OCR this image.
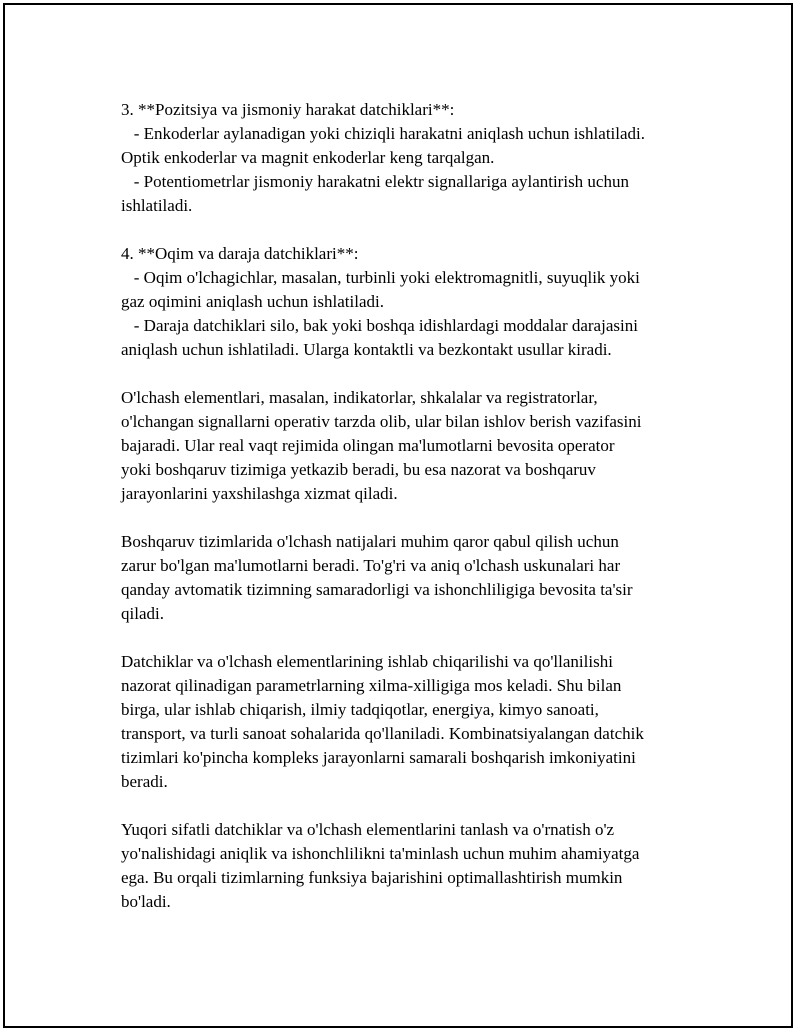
3. **Pozitsiya va jismoniy harakat datchiklari**:
- Enkoderlar aylanadigan yoki chiziqli harakatni aniqlash uchun ishlatiladi.
Optik enkoderlar va magnit enkoderlar keng tarqalgan.
- Potentiometrlar jismoniy harakatni elektr signallariga aylantirish uchun
ishlatiladi.
4. **Oqim va daraja datchiklari**:
- Oqim o'lchagichlar, masalan, turbinli yoki elektromagnitli, suyuqlik yoki
gaz oqimini aniqlash uchun ishlatiladi.
- Daraja datchiklari silo, bak yoki boshqa idishlardagi moddalar darajasini
aniqlash uchun ishlatiladi. Ularga kontaktli va bezkontakt usullar kiradi.
O'lchash elementlari, masalan, indikatorlar, shkalalar va registratorlar,
o'lchangan signallarni operativ tarzda olib, ular bilan ishlov berish vazifasini
bajaradi. Ular real vaqt rejimida olingan ma'lumotlarni bevosita operator
yoki boshqaruv tizimiga yetkazib beradi, bu esa nazorat va boshqaruv
jarayonlarini yaxshilashga xizmat qiladi.
Boshqaruv tizimlarida o'lchash natijalari muhim qaror qabul qilish uchun
zarur bo'lgan ma'lumotlarni beradi. To'g'ri va aniq o'lchash uskunalari har
qanday avtomatik tizimning samaradorligi va ishonchliligiga bevosita ta'sir
qiladi.
Datchiklar va o'lchash elementlarining ishlab chiqarilishi va qo'llanilishi
nazorat qilinadigan parametrlarning xilma-xilligiga mos keladi. Shu bilan
birga, ular ishlab chiqarish, ilmiy tadqiqotlar, energiya, kimyo sanoati,
transport, va turli sanoat sohalarida qo'llaniladi. Kombinatsiyalangan datchik
tizimlari ko'pincha kompleks jarayonlarni samarali boshqarish imkoniyatini
beradi.
Yuqori sifatli datchiklar va o'lchash elementlarini tanlash va o'rnatish o'z
yo'nalishidagi aniqlik va ishonchlilikni ta'minlash uchun muhim ahamiyatga
ega. Bu orqali tizimlarning funksiya bajarishini optimallashtirish mumkin
bo'ladi.
